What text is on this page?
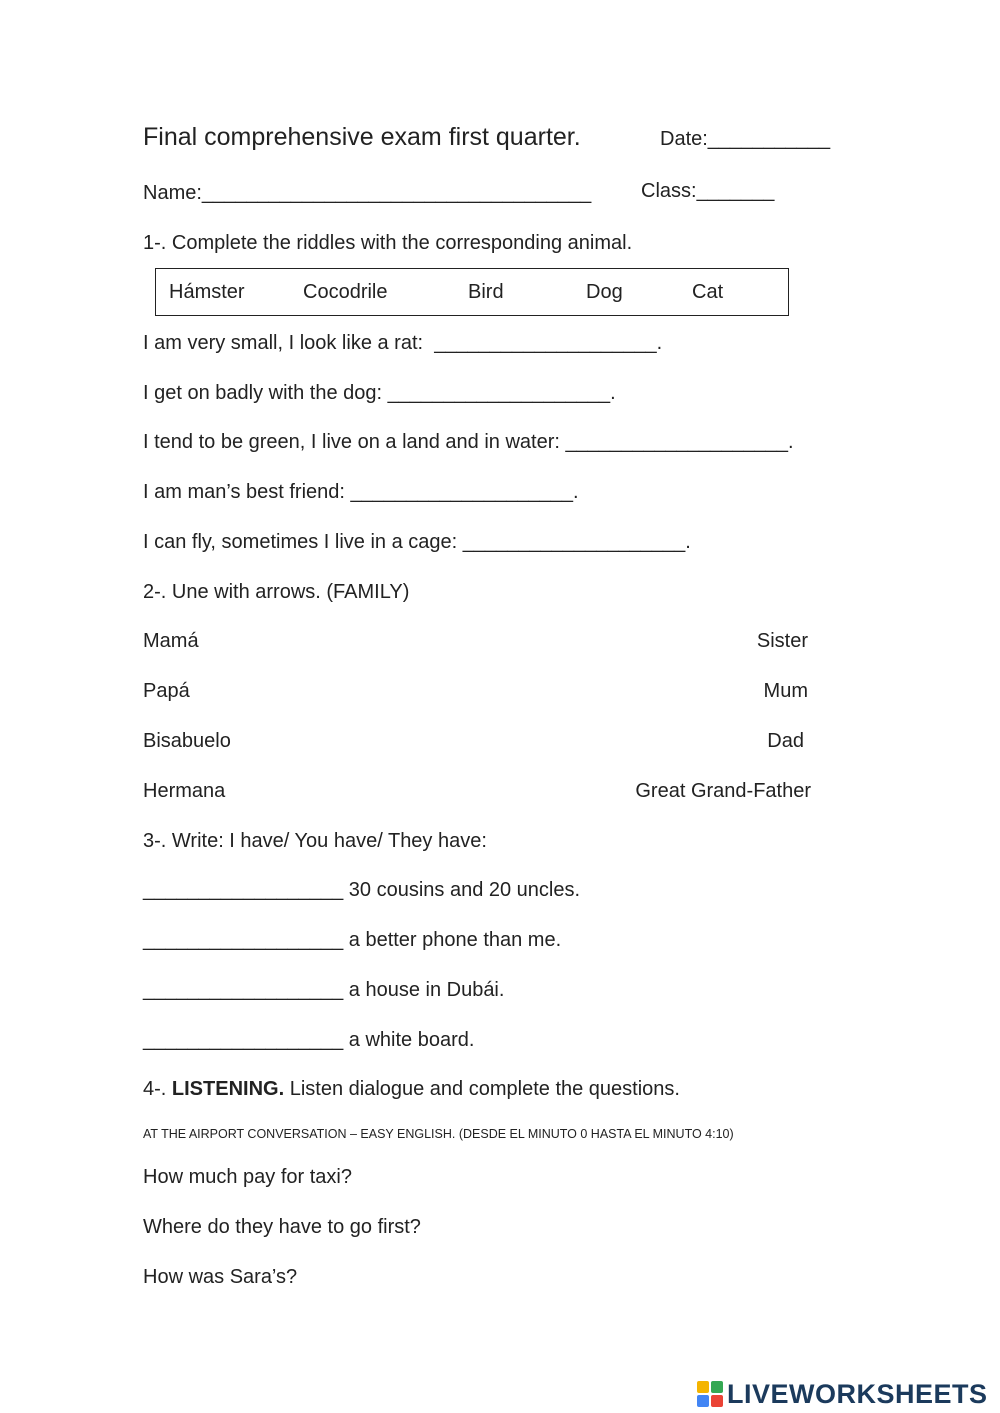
Final comprehensive exam first quarter.	Date:___________
Name:___________________________________ Class:_______
1-. Complete the riddles with the corresponding animal.
Hámster	Cocodrile	Bird	Dog	Cat
I am very small, I look like a rat:  ____________________.
I get on badly with the dog: ____________________.
I tend to be green, I live on a land and in water: ____________________.
I am man’s best friend: ____________________.
I can fly, sometimes I live in a cage: ____________________.
2-. Une with arrows. (FAMILY)
Mamá
Papá
Bisabuelo
Hermana
Sister
Mum
Dad
Great Grand-Father
3-. Write: I have/ You have/ They have:
__________________ 30 cousins and 20 uncles.
__________________ a better phone than me.
__________________ a house in Dubái.
__________________ a white board.
4-. LISTENING. Listen dialogue and complete the questions.
AT THE AIRPORT CONVERSATION – EASY ENGLISH. (DESDE EL MINUTO 0 HASTA EL MINUTO 4:10)
How much pay for taxi?
Where do they have to go first?
How was Sara’s?
LIVEWORKSHEETS
